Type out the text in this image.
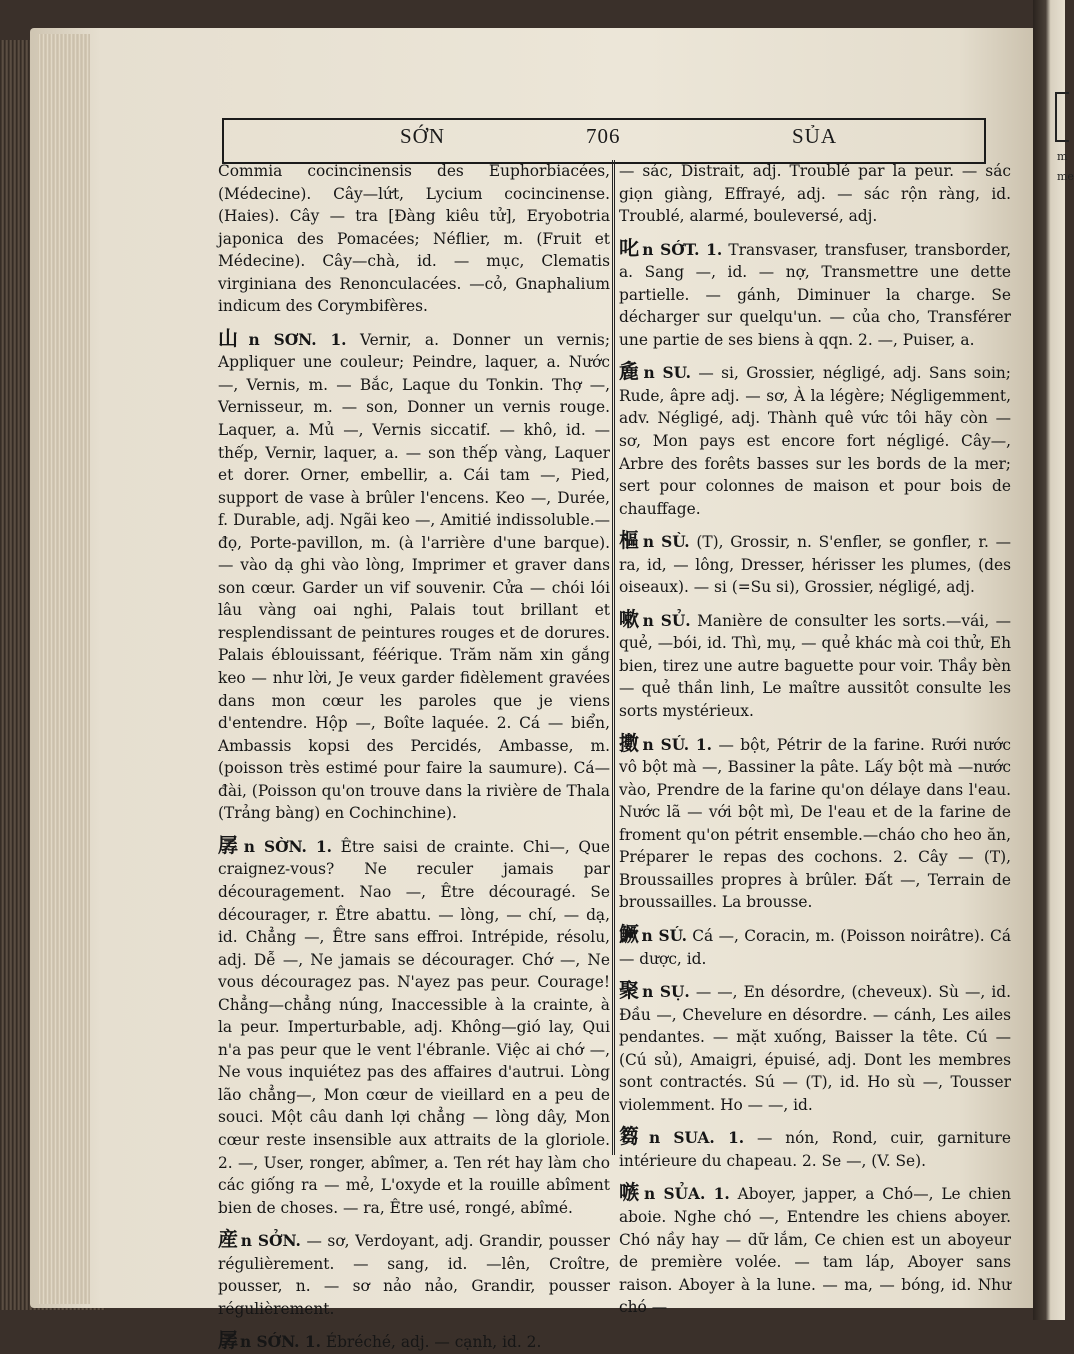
m
me
SỚN	706	SỦA

Commia cocincinensis des Euphorbiacées, (Médecine). Cây—lứt, Lycium cocincinense. (Haies). Cây — tra [Đàng kiêu tử], Eryobotria japonica des Pomacées; Néflier, m. (Fruit et Médecine). Cây—chà, id. — mục, Clematis virginiana des Renonculacées. —cỏ, Gnaphalium indicum des Corymbifères.

山 n SƠN. 1. Vernir, a. Donner un vernis; Appliquer une couleur; Peindre, laquer, a. Nước —, Vernis, m. — Bắc, Laque du Tonkin. Thợ —, Vernisseur, m. — son, Donner un vernis rouge. Laquer, a. Mủ —, Vernis siccatif. — khô, id. — thếp, Vernir, laquer, a. — son thếp vàng, Laquer et dorer. Orner, embellir, a. Cái tam —, Pied, support de vase à brûler l'encens. Keo —, Durée, f. Durable, adj. Ngãi keo —, Amitié indissoluble.—đọ, Porte-pavillon, m. (à l'arrière d'une barque). — vào dạ ghi vào lòng, Imprimer et graver dans son cœur. Garder un vif souvenir. Cửa — chói lói lâu vàng oai nghi, Palais tout brillant et resplendissant de peintures rouges et de dorures. Palais éblouissant, féérique. Trăm năm xin gắng keo — như lời, Je veux garder fidèlement gravées dans mon cœur les paroles que je viens d'entendre. Hộp —, Boîte laquée. 2. Cá — biển, Ambassis kopsi des Percidés, Ambasse, m. (poisson très estimé pour faire la saumure). Cá—đài, (Poisson qu'on trouve dans la rivière de Thala (Trảng bàng) en Cochinchine).

孱 n SỜN. 1. Être saisi de crainte. Chi—, Que craignez-vous? Ne reculer jamais par découragement. Nao —, Être découragé. Se décourager, r. Être abattu. — lòng, — chí, — dạ, id. Chẳng —, Être sans effroi. Intrépide, résolu, adj. Dễ —, Ne jamais se décourager. Chớ —, Ne vous découragez pas. N'ayez pas peur. Courage! Chẳng—chẳng núng, Inaccessible à la crainte, à la peur. Imperturbable, adj. Không—gió lay, Qui n'a pas peur que le vent l'ébranle. Việc ai chớ —, Ne vous inquiétez pas des affaires d'autrui. Lòng lão chẳng—, Mon cœur de vieillard en a peu de souci. Một câu danh lợi chẳng — lòng dây, Mon cœur reste insensible aux attraits de la gloriole. 2. —, User, ronger, abîmer, a. Ten rét hay làm cho các giống ra — mẻ, L'oxyde et la rouille abîment bien de choses. — ra, Être usé, rongé, abîmé.

産 n SỞN. — sơ, Verdoyant, adj. Grandir, pousser régulièrement. — sang, id. —lên, Croître, pousser, n. — sơ nảo nảo, Grandir, pousser régulièrement.

孱 n SỚN. 1. Ébréché, adj. — cạnh, id. 2.

— sác, Distrait, adj. Troublé par la peur. — sác giọn giàng, Effrayé, adj. — sác rộn ràng, id. Troublé, alarmé, bouleversé, adj.

叱 n SỚT. 1. Transvaser, transfuser, transborder, a. Sang —, id. — nợ, Transmettre une dette partielle. — gánh, Diminuer la charge. Se décharger sur quelqu'un. — của cho, Transférer une partie de ses biens à qqn. 2. —, Puiser, a.

麁 n SU. — si, Grossier, négligé, adj. Sans soin; Rude, âpre adj. — sơ, À la légère; Négligemment, adv. Négligé, adj. Thành quê vức tôi hãy còn — sơ, Mon pays est encore fort négligé. Cây—, Arbre des forêts basses sur les bords de la mer; sert pour colonnes de maison et pour bois de chauffage.

樞 n SÙ. (T), Grossir, n. S'enfler, se gonfler, r. — ra, id, — lông, Dresser, hérisser les plumes, (des oiseaux). — si (=Su si), Grossier, négligé, adj.

嗽 n SỦ. Manière de consulter les sorts.—vái, — quẻ, —bói, id. Thì, mụ, — quẻ khác mà coi thử, Eh bien, tirez une autre baguette pour voir. Thầy bèn — quẻ thần linh, Le maître aussitôt consulte les sorts mystérieux.

擻 n SÚ. 1. — bột, Pétrir de la farine. Rưới nước vô bột mà —, Bassiner la pâte. Lấy bột mà —nước vào, Prendre de la farine qu'on délaye dans l'eau. Nước lã — với bột mì, De l'eau et de la farine de froment qu'on pétrit ensemble.—cháo cho heo ăn, Préparer le repas des cochons. 2. Cây — (T), Broussailles propres à brûler. Đất —, Terrain de broussailles. La brousse.

鱖 n SÚ. Cá —, Coracin, m. (Poisson noirâtre). Cá — dược, id.

聚 n SỤ. — —, En désordre, (cheveux). Sù —, id. Đầu —, Chevelure en désordre. — cánh, Les ailes pendantes. — mặt xuống, Baisser la tête. Cú —(Cú sủ), Amaigri, épuisé, adj. Dont les membres sont contractés. Sú — (T), id. Ho sù —, Tousser violemment. Ho — —, id.

篘 n SUA. 1. — nón, Rond, cuir, garniture intérieure du chapeau. 2. Se —, (V. Se).

嗾 n SỦA. 1. Aboyer, japper, a Chó—, Le chien aboie. Nghe chó —, Entendre les chiens aboyer. Chó nầy hay — dữ lắm, Ce chien est un aboyeur de première volée. — tam láp, Aboyer sans raison. Aboyer à la lune. — ma, — bóng, id. Như chó —
